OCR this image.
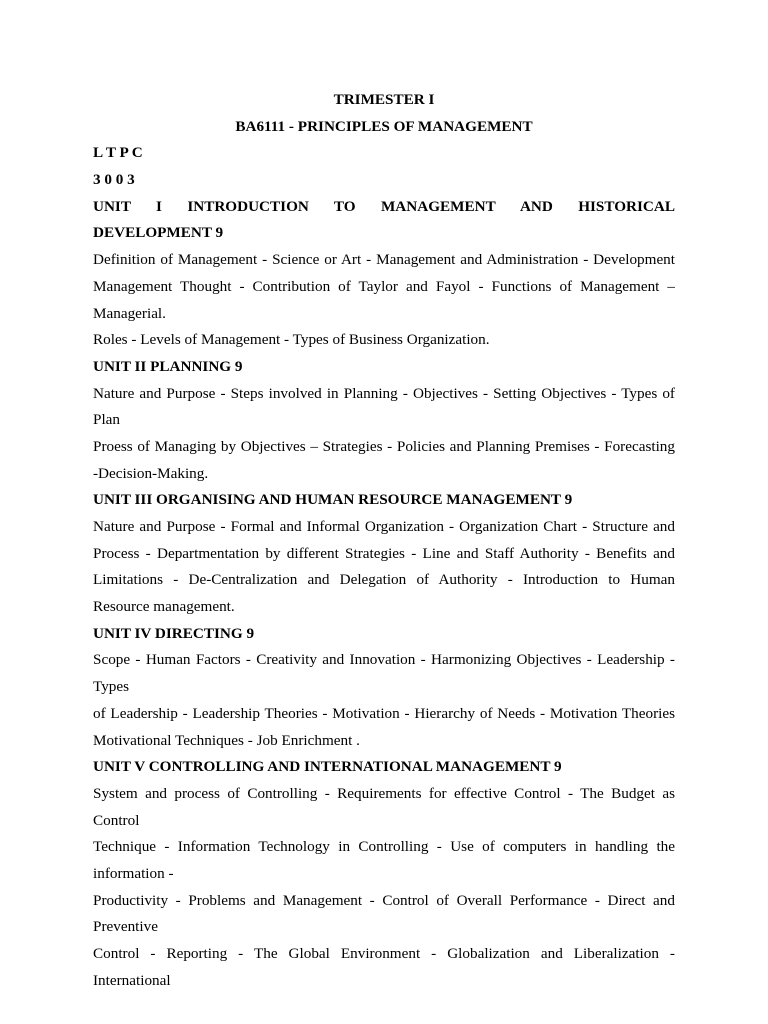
TRIMESTER I
BA6111 - PRINCIPLES OF MANAGEMENT
L T P C
3 0 0 3
UNIT I INTRODUCTION TO MANAGEMENT AND HISTORICAL
DEVELOPMENT 9
Definition of Management - Science or Art - Management and Administration - Development
Management Thought - Contribution of Taylor and Fayol - Functions of Management –
Managerial.
Roles - Levels of Management - Types of Business Organization.
UNIT II PLANNING 9
Nature and Purpose - Steps involved in Planning - Objectives - Setting Objectives - Types of
Plan
Proess of Managing by Objectives – Strategies - Policies and Planning Premises - Forecasting
-Decision-Making.
UNIT III ORGANISING AND HUMAN RESOURCE MANAGEMENT 9
Nature and Purpose - Formal and Informal Organization - Organization Chart - Structure and
Process - Departmentation by different Strategies - Line and Staff Authority - Benefits and
Limitations - De-Centralization and Delegation of Authority - Introduction to Human
Resource management.
UNIT IV DIRECTING 9
Scope - Human Factors - Creativity and Innovation - Harmonizing Objectives - Leadership -
Types
of Leadership - Leadership Theories - Motivation - Hierarchy of Needs - Motivation Theories
Motivational Techniques - Job Enrichment .
UNIT V CONTROLLING AND INTERNATIONAL MANAGEMENT 9
System and process of Controlling - Requirements for effective Control - The Budget as
Control
Technique - Information Technology in Controlling - Use of computers in handling the
information -
Productivity - Problems and Management - Control of Overall Performance - Direct and
Preventive
Control - Reporting - The Global Environment - Globalization and Liberalization -
International
